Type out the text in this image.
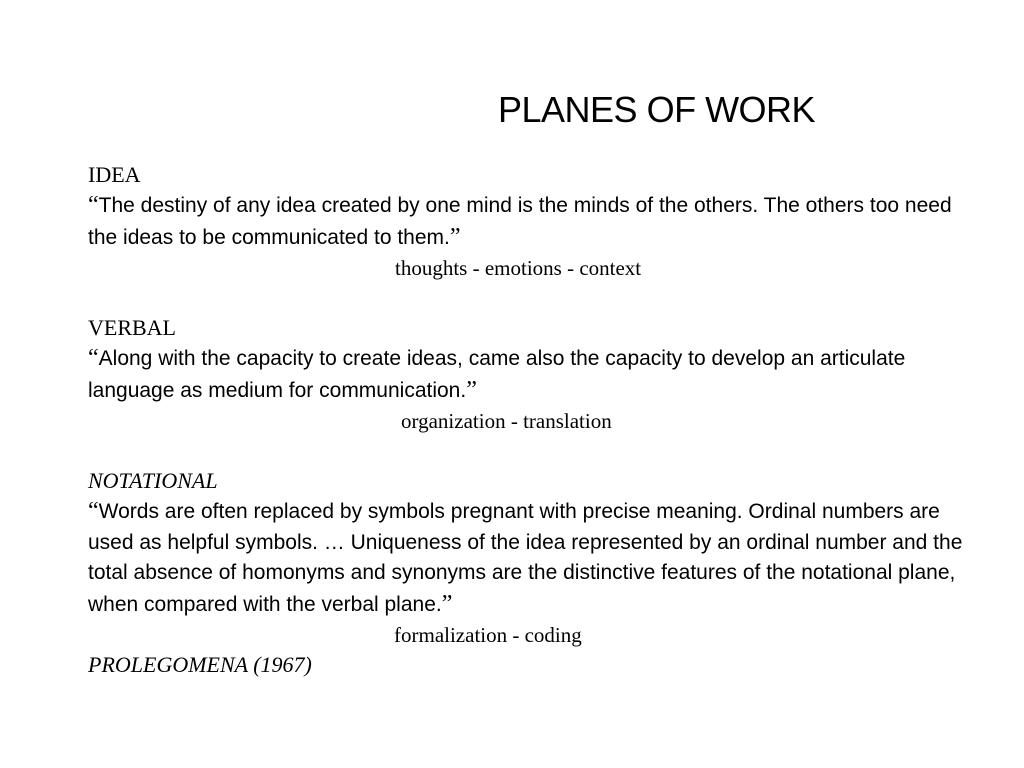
PLANES OF WORK
IDEA
“The destiny of any idea created by one mind is the minds of the others. The others too need the ideas to be communicated to them.”
thoughts - emotions - context
VERBAL
“Along with the capacity to create ideas, came also the capacity to develop an articulate language as medium for communication.”
organization - translation
NOTATIONAL
“Words are often replaced by symbols pregnant with precise meaning. Ordinal numbers are used as helpful symbols. … Uniqueness of the idea represented by an ordinal number and the total absence of homonyms and synonyms are the distinctive features of the notational plane, when compared with the verbal plane.”
formalization - coding
PROLEGOMENA (1967)
